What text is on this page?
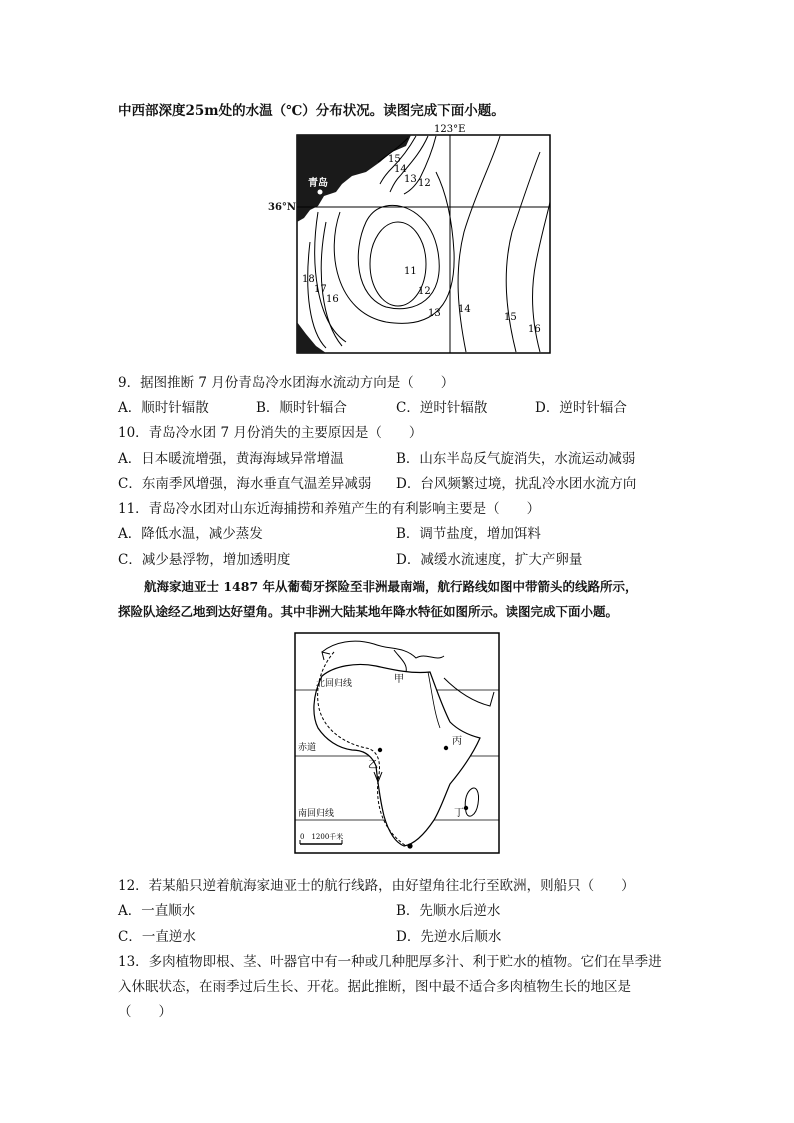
中西部深度25m处的水温（℃）分布状况。读图完成下面小题。
15
14
13 12
11
12
13
18
17
16
14
15
16
123°E
青岛
36°N
9．据图推断 7 月份青岛冷水团海水流动方向是（　　）
A．顺时针辐散	B．顺时针辐合	C．逆时针辐散	D．逆时针辐合
10．青岛冷水团 7 月份消失的主要原因是（　　）
A．日本暖流增强，黄海海域异常增温	B．山东半岛反气旋消失，水流运动减弱
C．东南季风增强，海水垂直气温差异减弱 D．台风频繁过境，扰乱冷水团水流方向
11．青岛冷水团对山东近海捕捞和养殖产生的有利影响主要是（　　）
A．降低水温，减少蒸发	B．调节盐度，增加饵料
C．减少悬浮物，增加透明度	D．减缓水流速度，扩大产卵量
航海家迪亚士 1487 年从葡萄牙探险至非洲最南端，航行路线如图中带箭头的线路所示，
探险队途经乙地到达好望角。其中非洲大陆某地年降水特征如图所示。读图完成下面小题。
0　1200千米
北回归线
赤道
南回归线
甲
乙
丙
丁
12．若某船只逆着航海家迪亚士的航行线路，由好望角往北行至欧洲，则船只（　　）
A．一直顺水	B．先顺水后逆水
C．一直逆水	D．先逆水后顺水
13．多肉植物即根、茎、叶器官中有一种或几种肥厚多汁、利于贮水的植物。它们在旱季进
入休眠状态，在雨季过后生长、开花。据此推断，图中最不适合多肉植物生长的地区是
（　　）
